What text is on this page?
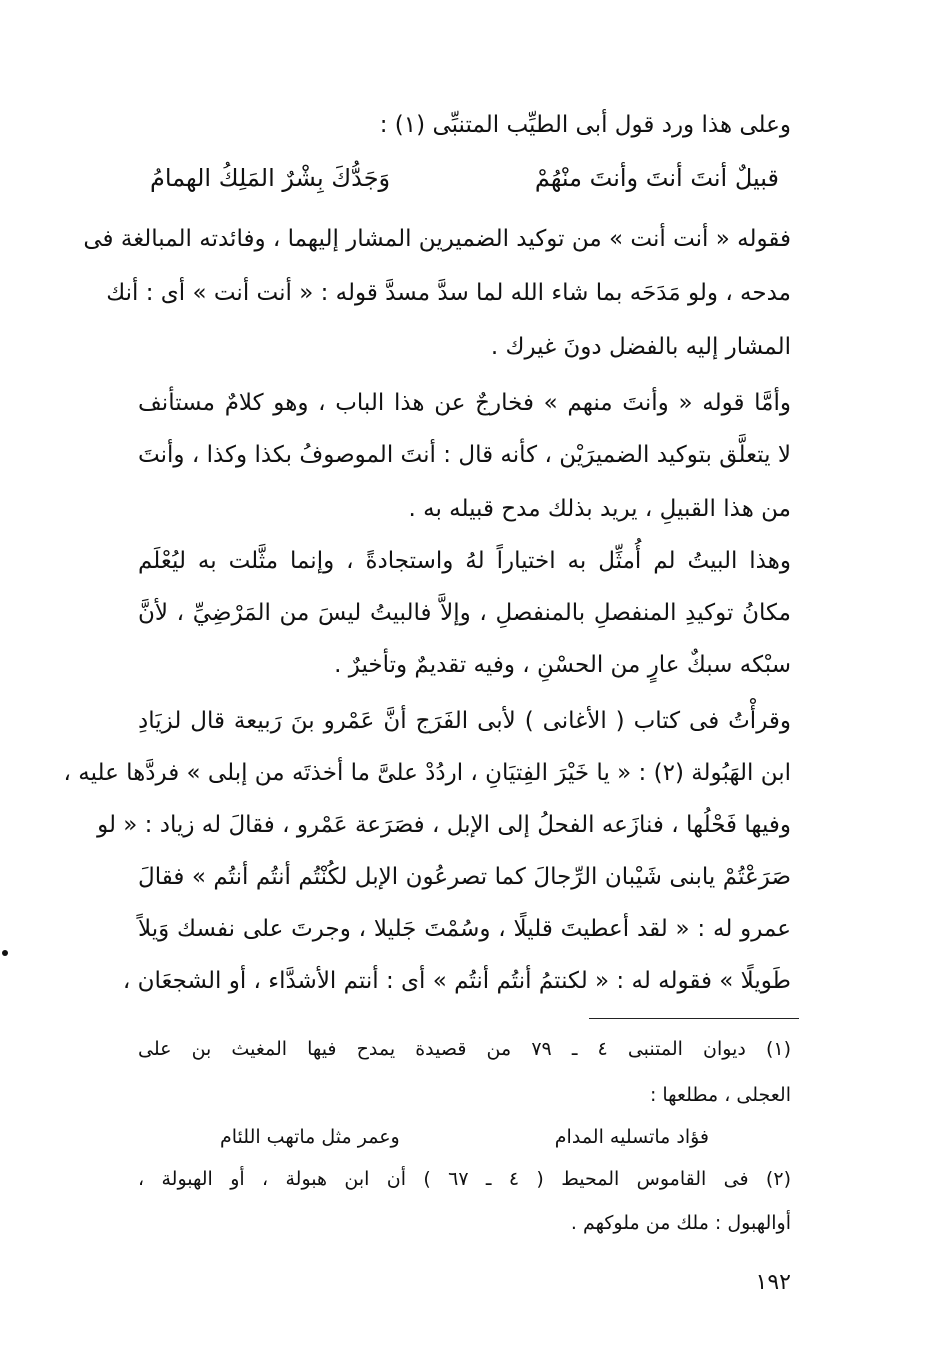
وعلى هذا ورد قول أبى الطيِّب المتنبِّى (١) :
قبيلٌ أنتَ أنتَ وأنتَ منْهُمْ
وَجَدُّكَ بِشْرٌ المَلِكُ الهمامُ
فقوله « أنت أنت » من توكيد الضميرين المشار إليهما ، وفائدته المبالغة فى
مدحه ، ولو مَدَحَه بما شاء الله لما سدَّ مسدَّ قوله : « أنت أنت » أى : أنك
المشار إليه بالفضل دونَ غيرك .
وأمَّا قوله « وأنتَ منهم » فخارجٌ عن هذا الباب ، وهو كلامٌ مستأنف
لا يتعلَّق بتوكيد الضميرَيْن ، كأنه قال : أنتَ الموصوفُ بكذا وكذا ، وأنتَ
من هذا القبيلِ ، يريد بذلك مدح قبيله به .
وهذا البيتُ لم أُمثِّل به اختياراً لهُ واستجادةً ، وإنما مثَّلت به ليُعْلَم
مكانُ توكيدِ المنفصلِ بالمنفصلِ ، وإلاَّ فالبيتُ ليسَ من المَرْضِيِّ ، لأنَّ
سبْكه سبكٌ عارٍ من الحسْنِ ، وفيه تقديمٌ وتأخيرٌ .
وقرأْتُ فى كتاب ( الأغانى ) لأبى الفَرَج أنَّ عَمْرو بنَ رَبيعة قال لزيَادِ
ابن الهَبُولة (٢) : « يا خَيْرَ الفِتيَانِ ، اردُدْ علىَّ ما أخذتَه من إبلى » فردَّها عليه ،
وفيها فَحْلُها ، فنازَعه الفحلُ إلى الإبل ، فصَرَعة عَمْرو ، فقالَ له زياد : « لو
صَرَعْتُمْ يابنى شَيْبان الرِّجالَ كما تصرعُون الإبل لكُنْتُم أنتُم أنتُم » فقالَ
عمرو له : « لقد أعطيتَ قليلًا ، وسُمْتَ جَليلا ، وجرتَ على نفسك وَيلاً
طَويلًا » فقوله له : « لكنتمُ أنتُم أنتُم » أى : أنتم الأشدَّاء ، أو الشجعَان ،
(١) ديوان المتنبى ٤ ـ ٧٩ من قصيدة يمدح فيها المغيث بن على
العجلى ، مطلعها :
فؤاد ماتسليه المدام
وعمر مثل ماتهب اللئام
(٢) فى القاموس المحيط ( ٤ ـ ٦٧ ) أن ابن هبولة ، أو الهبولة ،
أوالهبول : ملك من ملوكهم .
١٩٢
